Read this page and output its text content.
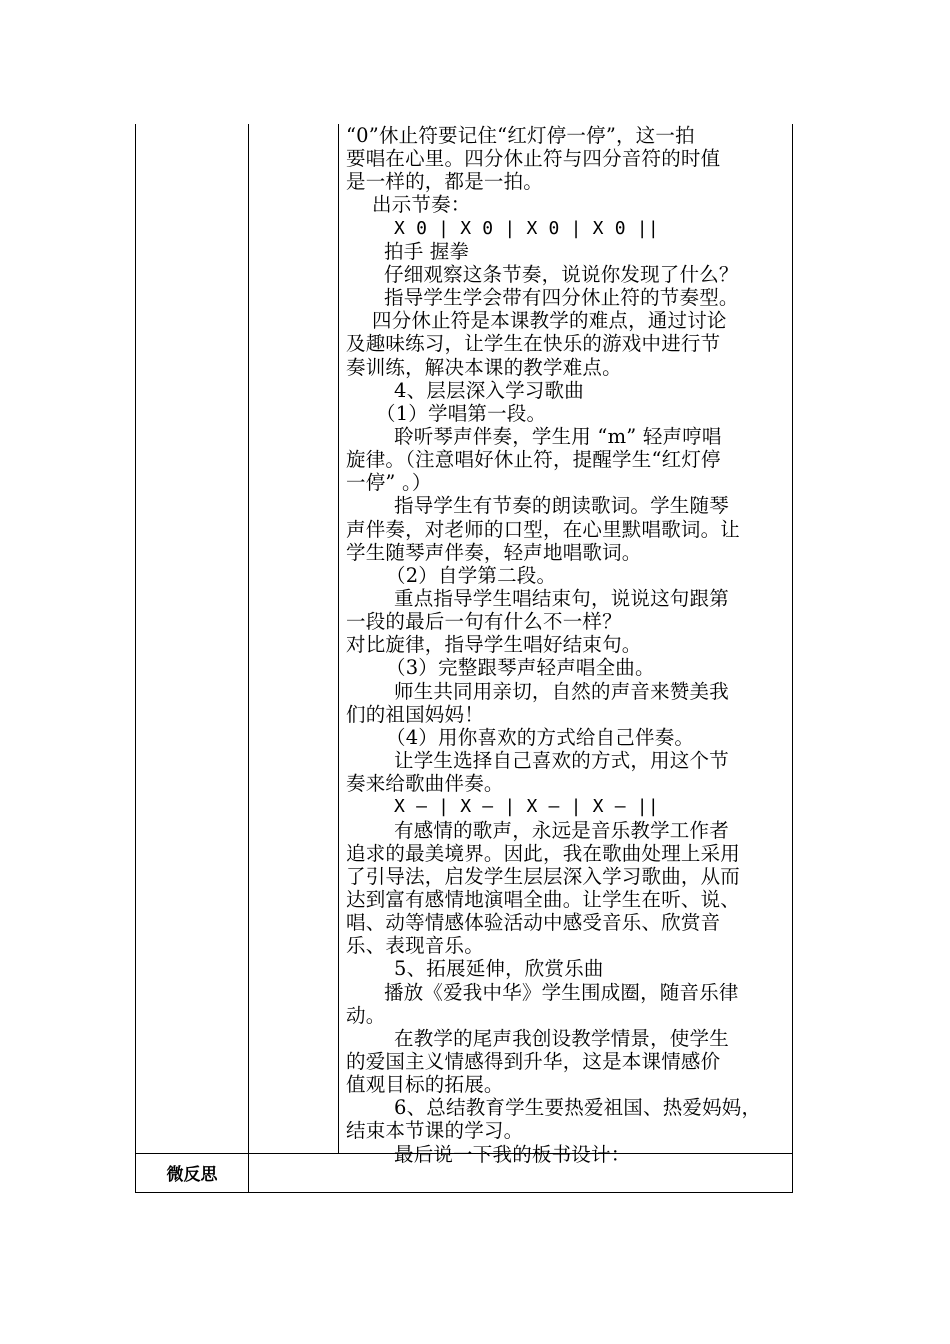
“0”休止符要记住“红灯停一停”，这一拍
要唱在心里。四分休止符与四分音符的时值
是一样的，都是一拍。
出示节奏：
X 0 | X 0 | X 0 | X 0 ||
拍手 握拳
仔细观察这条节奏，说说你发现了什么？
指导学生学会带有四分休止符的节奏型。
四分休止符是本课教学的难点，通过讨论
及趣味练习，让学生在快乐的游戏中进行节
奏训练，解决本课的教学难点。
4、层层深入学习歌曲
（1）学唱第一段。
聆听琴声伴奏，学生用 “m” 轻声哼唱
旋律。（注意唱好休止符，提醒学生“红灯停
一停” 。）
指导学生有节奏的朗读歌词。学生随琴
声伴奏，对老师的口型，在心里默唱歌词。让
学生随琴声伴奏，轻声地唱歌词。
（2）自学第二段。
重点指导学生唱结束句，说说这句跟第
一段的最后一句有什么不一样？
对比旋律，指导学生唱好结束句。
（3）完整跟琴声轻声唱全曲。
师生共同用亲切，自然的声音来赞美我
们的祖国妈妈！
（4）用你喜欢的方式给自己伴奏。
让学生选择自己喜欢的方式，用这个节
奏来给歌曲伴奏。
X — | X — | X — | X — ||
有感情的歌声，永远是音乐教学工作者
追求的最美境界。因此，我在歌曲处理上采用
了引导法，启发学生层层深入学习歌曲，从而
达到富有感情地演唱全曲。让学生在听、说、
唱、动等情感体验活动中感受音乐、欣赏音
乐、表现音乐。
5、拓展延伸，欣赏乐曲
播放《爱我中华》学生围成圈，随音乐律
动。
在教学的尾声我创设教学情景，使学生
的爱国主义情感得到升华，这是本课情感价
值观目标的拓展。
6、总结教育学生要热爱祖国、热爱妈妈，
结束本节课的学习。
最后说一下我的板书设计：
微反思
